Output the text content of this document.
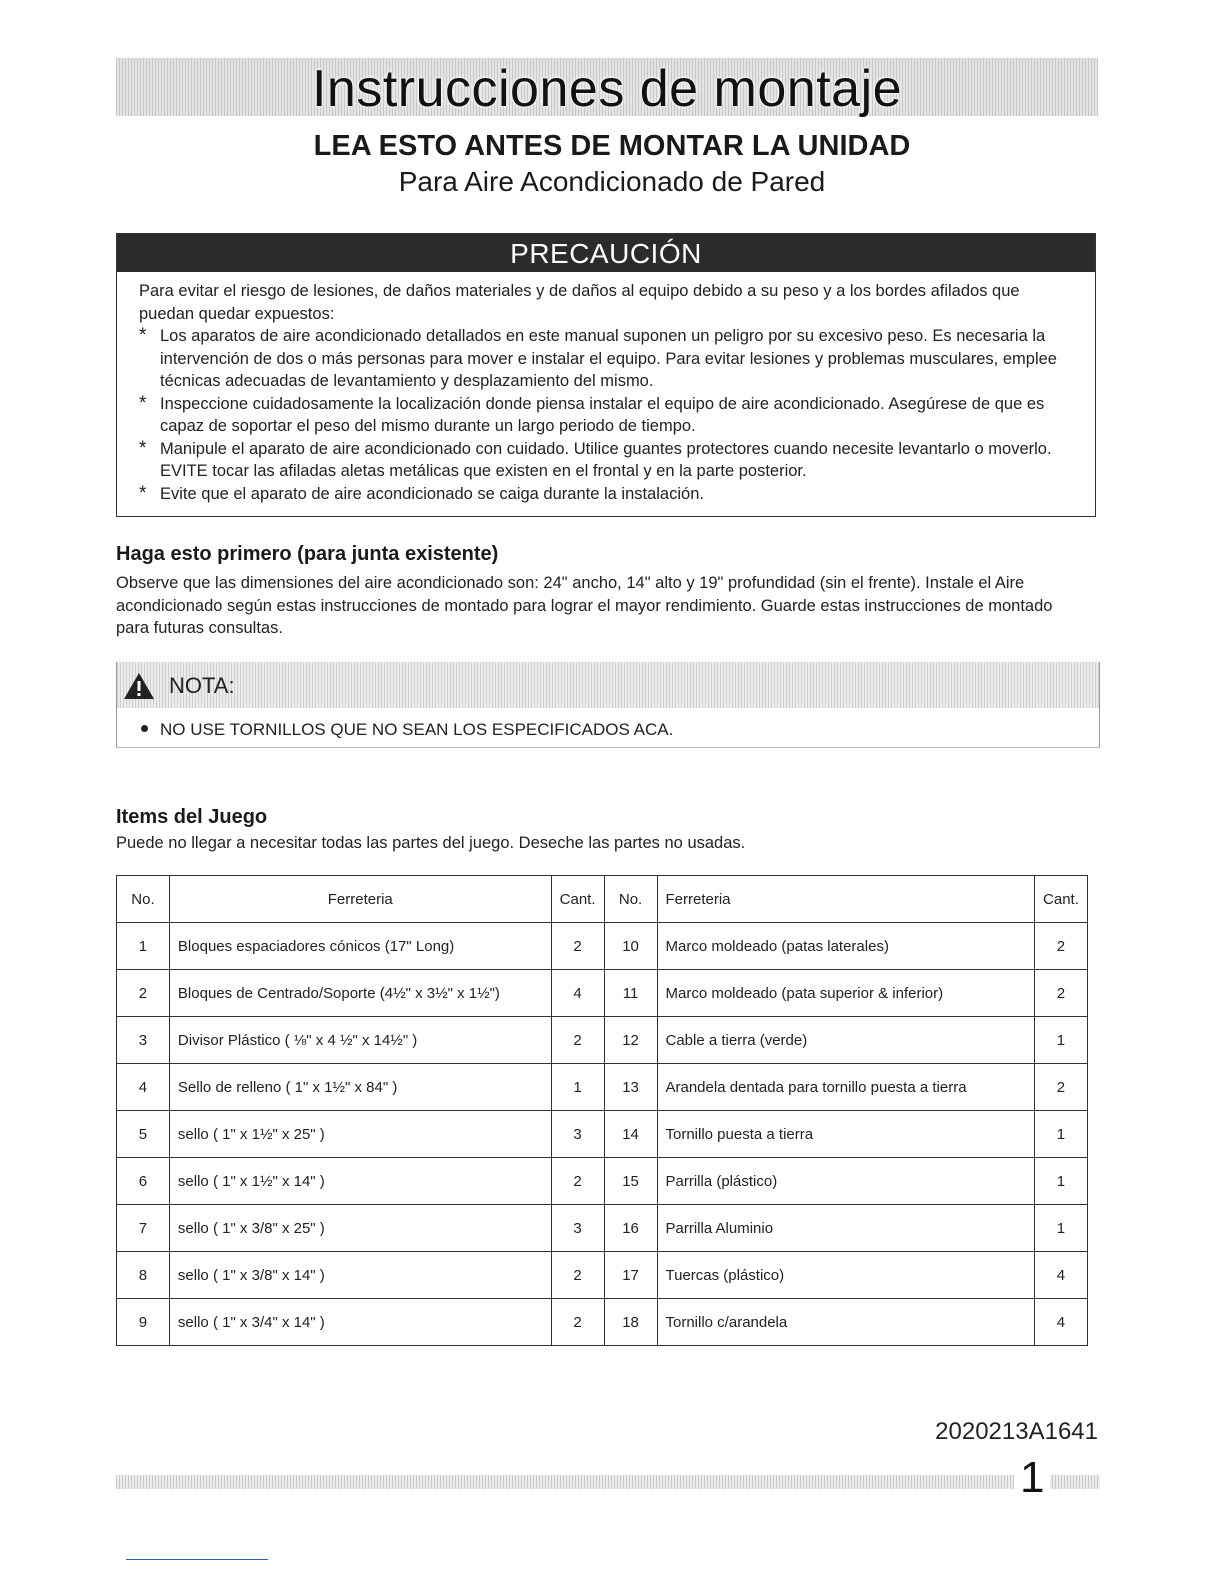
Instrucciones de montaje
LEA ESTO ANTES DE MONTAR LA UNIDAD
Para Aire Acondicionado de Pared
PRECAUCIÓN
Para evitar el riesgo de lesiones, de daños materiales y de daños al equipo debido a su peso y a los bordes afilados que puedan quedar expuestos:
* Los aparatos de aire acondicionado detallados en este manual suponen un peligro por su excesivo peso. Es necesaria la intervención de dos o más personas para mover e instalar el equipo. Para evitar lesiones y problemas musculares, emplee técnicas adecuadas de levantamiento y desplazamiento del mismo.
* Inspeccione cuidadosamente la localización donde piensa instalar el equipo de aire acondicionado. Asegúrese de que es capaz de soportar el peso del mismo durante un largo periodo de tiempo.
* Manipule el aparato de aire acondicionado con cuidado. Utilice guantes protectores cuando necesite levantarlo o moverlo. EVITE tocar las afiladas aletas metálicas que existen en el frontal y en la parte posterior.
* Evite que el aparato de aire acondicionado se caiga durante la instalación.
Haga esto primero (para junta existente)
Observe que las dimensiones del aire acondicionado son: 24" ancho, 14" alto y 19" profundidad (sin el frente). Instale el Aire acondicionado según estas instrucciones de montado para lograr el mayor rendimiento. Guarde estas instrucciones de montado para futuras consultas.
NOTA:
NO USE TORNILLOS QUE NO SEAN LOS ESPECIFICADOS ACA.
Items del Juego
Puede no llegar a necesitar todas las partes del juego. Deseche las partes no usadas.
No.	Ferreteria	Cant.	No.	Ferreteria	Cant.
1	Bloques espaciadores cónicos (17" Long)	2	10	Marco moldeado (patas laterales)	2
2	Bloques de Centrado/Soporte (4½" x 3½" x 1½")	4	11	Marco moldeado (pata superior & inferior)	2
3	Divisor Plástico ( ⅛" x 4 ½" x 14½" )	2	12	Cable a tierra (verde)	1
4	Sello de relleno ( 1" x 1½" x 84" )	1	13	Arandela dentada para tornillo puesta a tierra	2
5	sello ( 1" x 1½" x 25" )	3	14	Tornillo puesta a tierra	1
6	sello ( 1" x 1½" x 14" )	2	15	Parrilla (plástico)	1
7	sello ( 1" x 3/8" x 25" )	3	16	Parrilla Aluminio	1
8	sello ( 1" x 3/8" x 14" )	2	17	Tuercas (plástico)	4
9	sello ( 1" x 3/4" x 14" )	2	18	Tornillo c/arandela	4
2020213A1641
1
